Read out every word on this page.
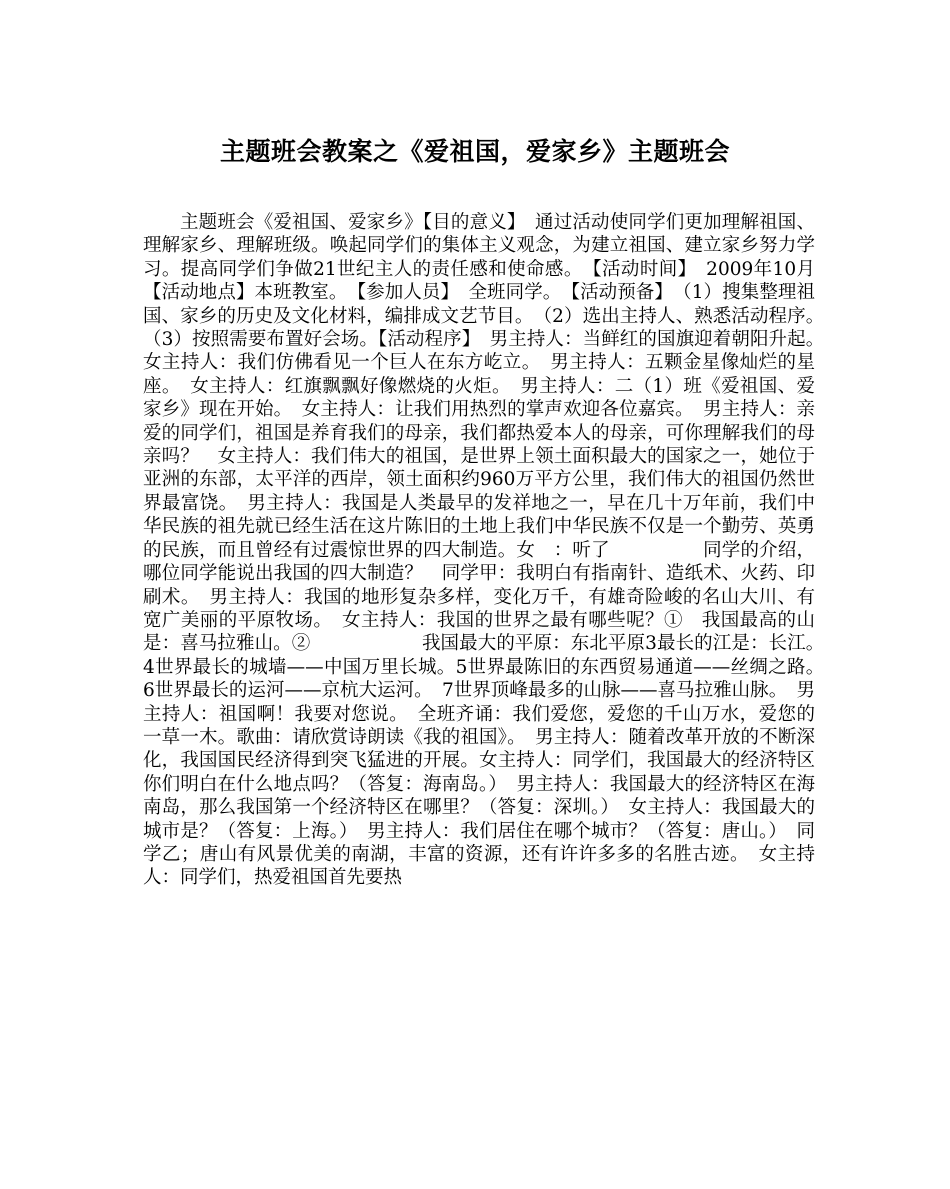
主题班会教案之《爱祖国，爱家乡》主题班会

主题班会《爱祖国、爱家乡》【目的意义】　通过活动使同学们更加理解祖国、理解家乡、理解班级。唤起同学们的集体主义观念，为建立祖国、建立家乡努力学习。提高同学们争做21世纪主人的责任感和使命感。　【活动时间】　2009年10月　【活动地点】本班教室。　【参加人员】　全班同学。　【活动预备】　（1）搜集整理祖国、家乡的历史及文化材料，编排成文艺节目。　（2）选出主持人、熟悉活动程序。　（3）按照需要布置好会场。【活动程序】　男主持人：当鲜红的国旗迎着朝阳升起。　女主持人：我们仿佛看见一个巨人在东方屹立。　男主持人：五颗金星像灿烂的星座。　女主持人：红旗飘飘好像燃烧的火炬。　男主持人：二（1）班《爱祖国、爱家乡》现在开始。　女主持人：让我们用热烈的掌声欢迎各位嘉宾。　男主持人：亲爱的同学们，祖国是养育我们的母亲，我们都热爱本人的母亲，可你理解我们的母亲吗？　女主持人：我们伟大的祖国，是世界上领土面积最大的国家之一，她位于亚洲的东部，太平洋的西岸，领土面积约960万平方公里，我们伟大的祖国仍然世界最富饶。　男主持人：我国是人类最早的发祥地之一，早在几十万年前，我们中华民族的祖先就已经生活在这片陈旧的土地上我们中华民族不仅是一个勤劳、英勇的民族，而且曾经有过震惊世界的四大制造。女　：听了　　　　　同学的介绍，哪位同学能说出我国的四大制造？　同学甲：我明白有指南针、造纸术、火药、印刷术。　男主持人：我国的地形复杂多样，变化万千，有雄奇险峻的名山大川、有宽广美丽的平原牧场。　女主持人：我国的世界之最有哪些呢？①　我国最高的山是：喜马拉雅山。②　　　　　　我国最大的平原：东北平原3最长的江是：长江。　4世界最长的城墙——中国万里长城。5世界最陈旧的东西贸易通道——丝绸之路。　6世界最长的运河——京杭大运河。　7世界顶峰最多的山脉——喜马拉雅山脉。　男主持人：祖国啊！我要对您说。　全班齐诵：我们爱您，爱您的千山万水，爱您的一草一木。歌曲：请欣赏诗朗读《我的祖国》。　男主持人：随着改革开放的不断深化，我国国民经济得到突飞猛进的开展。女主持人：同学们，我国最大的经济特区你们明白在什么地点吗？（答复：海南岛。）　男主持人：我国最大的经济特区在海南岛，那么我国第一个经济特区在哪里？（答复：深圳。）　女主持人：我国最大的城市是？（答复：上海。）　男主持人：我们居住在哪个城市？（答复：唐山。）　同学乙；唐山有风景优美的南湖，丰富的资源，还有许许多多的名胜古迹。　女主持人：同学们，热爱祖国首先要热
